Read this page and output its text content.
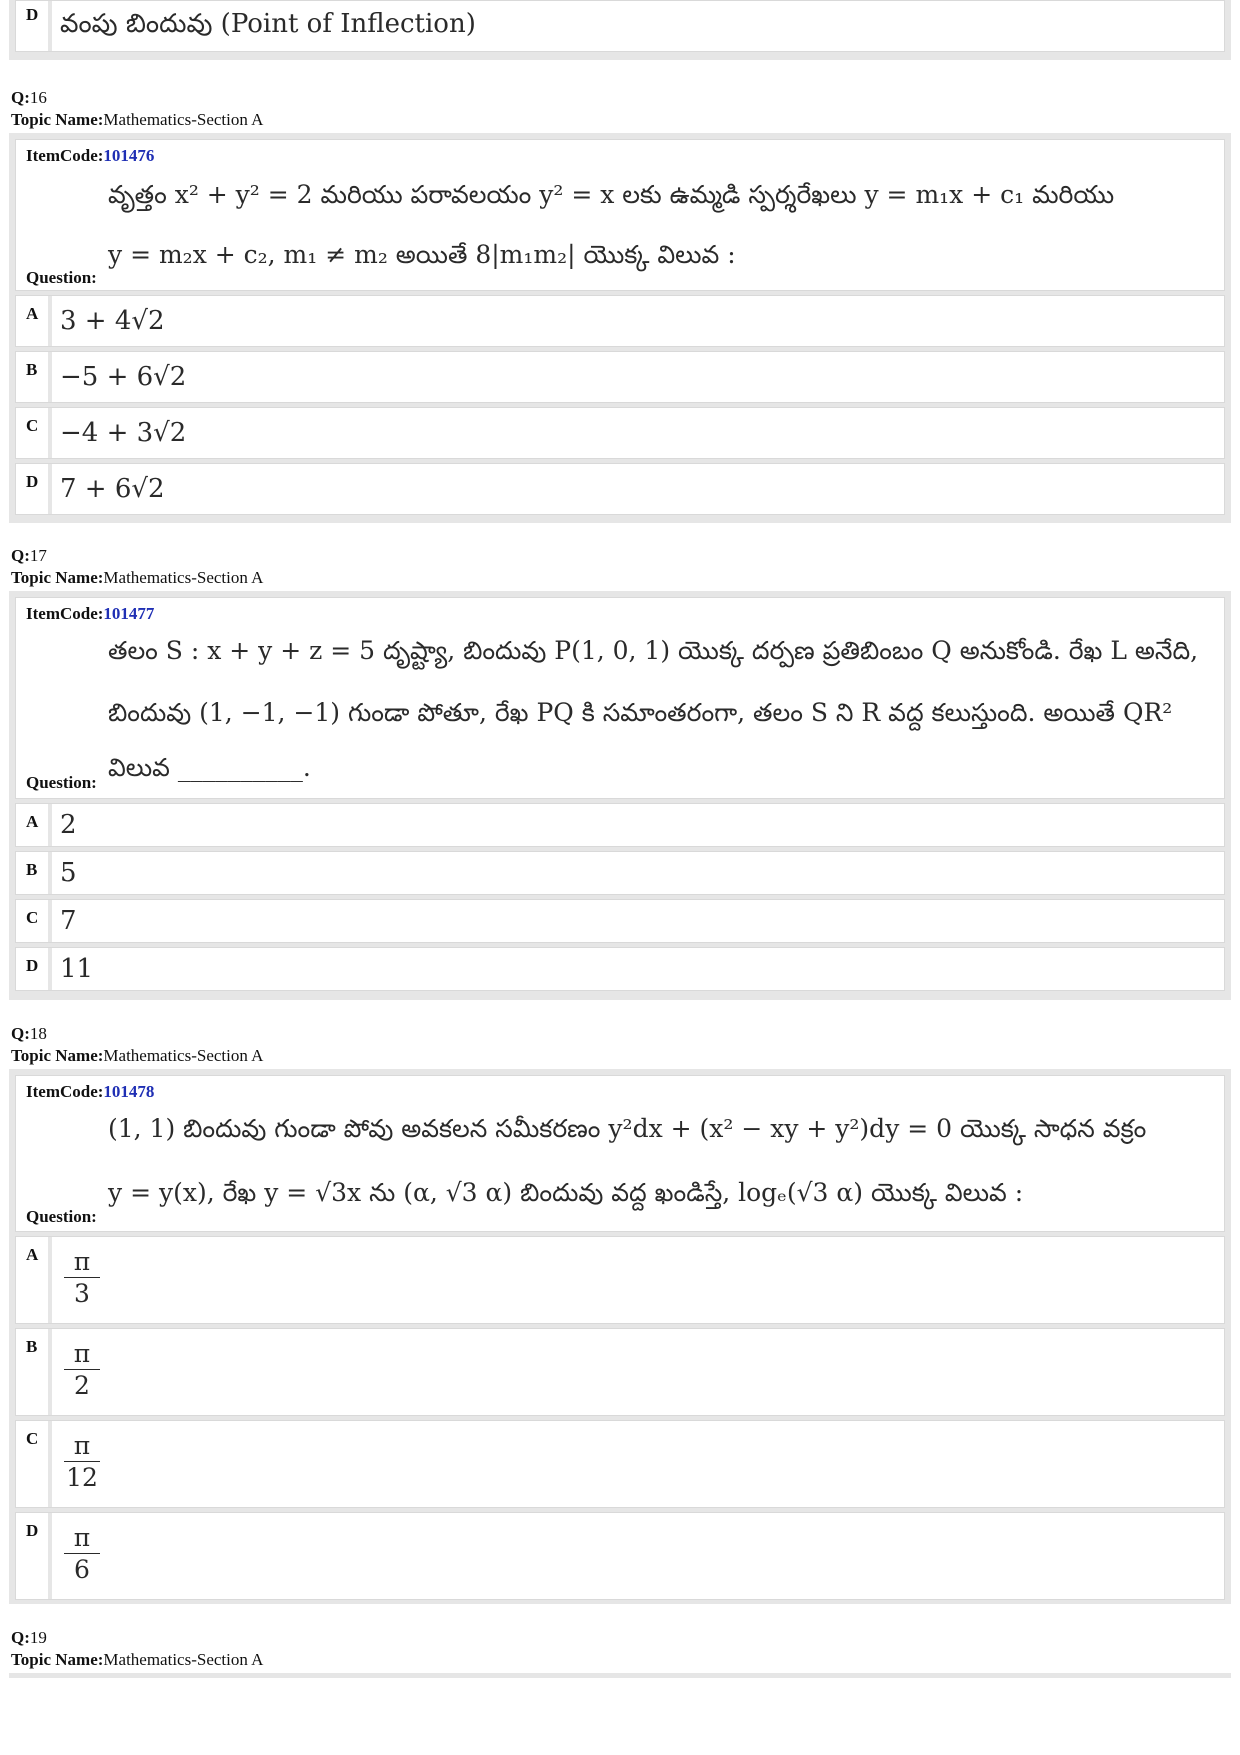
D వంపు బిందువు (Point of Inflection)
Q:16
Topic Name:Mathematics-Section A
ItemCode:101476
వృత్తం x² + y² = 2 మరియు పరావలయం y² = x లకు ఉమ్మడి స్పర్శరేఖలు y = m₁x + c₁ మరియు
y = m₂x + c₂, m₁ ≠ m₂ అయితే 8|m₁m₂| యొక్క విలువ :
Question:
A 3 + 4√2
B −5 + 6√2
C −4 + 3√2
D 7 + 6√2
Q:17
Topic Name:Mathematics-Section A
ItemCode:101477
తలం S : x + y + z = 5 దృష్ట్యా, బిందువు P(1, 0, 1) యొక్క దర్పణ ప్రతిబింబం Q అనుకోండి. రేఖ L అనేది,
బిందువు (1, −1, −1) గుండా పోతూ, రేఖ PQ కి సమాంతరంగా, తలం S ని R వద్ద కలుస్తుంది. అయితే QR²
విలువ __________.
Question:
A 2
B 5
C 7
D 11
Q:18
Topic Name:Mathematics-Section A
ItemCode:101478
(1, 1) బిందువు గుండా పోవు అవకలన సమీకరణం y²dx + (x² − xy + y²)dy = 0 యొక్క సాధన వక్రం
y = y(x), రేఖ y = √3x ను (α, √3 α) బిందువు వద్ద ఖండిస్తే, logₑ(√3 α) యొక్క విలువ :
Question:
A $\frac{\pi}{3}$
B $\frac{\pi}{2}$
C $\frac{\pi}{12}$
D $\frac{\pi}{6}$
Q:19
Topic Name:Mathematics-Section A
